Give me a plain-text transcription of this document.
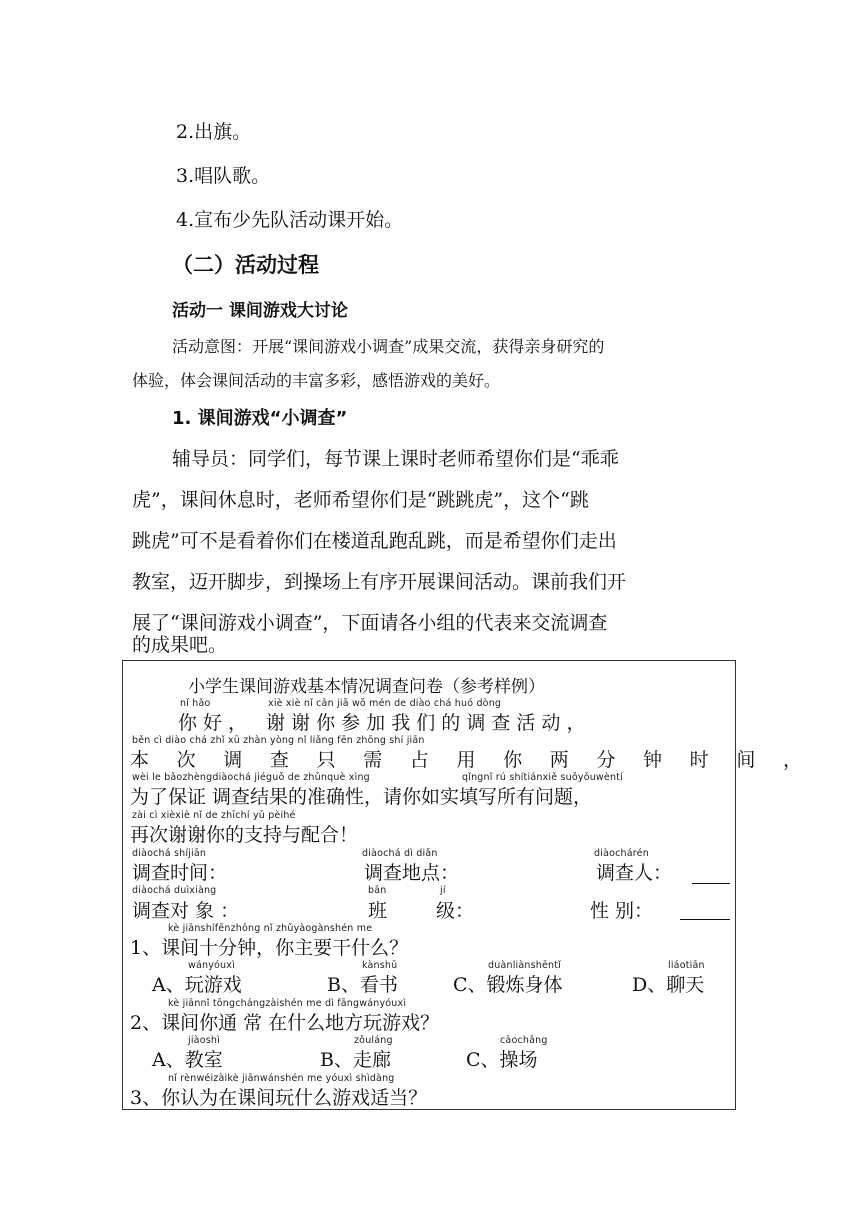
2.出旗。
3.唱队歌。
4.宣布少先队活动课开始。
（二）活动过程
活动一 课间游戏大讨论
活动意图：开展“课间游戏小调查”成果交流，获得亲身研究的
体验，体会课间活动的丰富多彩，感悟游戏的美好。
1. 课间游戏“小调查”
辅导员：同学们，每节课上课时老师希望你们是“乖乖
虎”，课间休息时，老师希望你们是“跳跳虎”，这个“跳
跳虎”可不是看着你们在楼道乱跑乱跳，而是希望你们走出
教室，迈开脚步，到操场上有序开展课间活动。课前我们开
展了“课间游戏小调查”，下面请各小组的代表来交流调查
的成果吧。
小学生课间游戏基本情况调查问卷（参考样例）
nǐ hǎo	xiè xiè nǐ cān jiā wǒ mén de diào chá huó dòng
你 好 ， 谢 谢 你 参 加 我 们 的 调 查 活 动 ，
běn cì diào chá zhǐ xū zhàn yòng nǐ liǎng fēn zhōng shí jiān
本 次 调 查 只 需 占 用 你 两 分 钟 时 间 ，
wèi le bǎozhèngdiàochá jiéguǒ de zhǔnquè xìng	qǐngnǐ rú shítiánxiě suǒyǒuwèntí
为了保证 调查结果的准确性，请你如实填写所有问题，
zài cì xièxiè nǐ de zhīchí yǔ pèihé
再次谢谢你的支持与配合！
diàochá shíjiān	diàochá dì diǎn	diàochárén
调查时间：	调查地点：	调查人：
diàochá duìxiàng	bān	jí
调查对 象 ：	班	级：	性 别：
kè jiānshífēnzhōng nǐ zhǔyàogànshén me
1、课间十分钟，你主要干什么？
wányóuxì	kànshū	duànliànshēntǐ	liáotiān
A、玩游戏	B、看书	C、锻炼身体	D、聊天
kè jiānnǐ tōngchángzàishén me dì fāngwányóuxì
2、课间你通 常 在什么地方玩游戏？
jiàoshì	zǒuláng	cāochǎng
A、教室	B、走廊	C、操场
nǐ rènwéizàikè jiānwánshén me yóuxì shìdàng
3、你认为在课间玩什么游戏适当？
